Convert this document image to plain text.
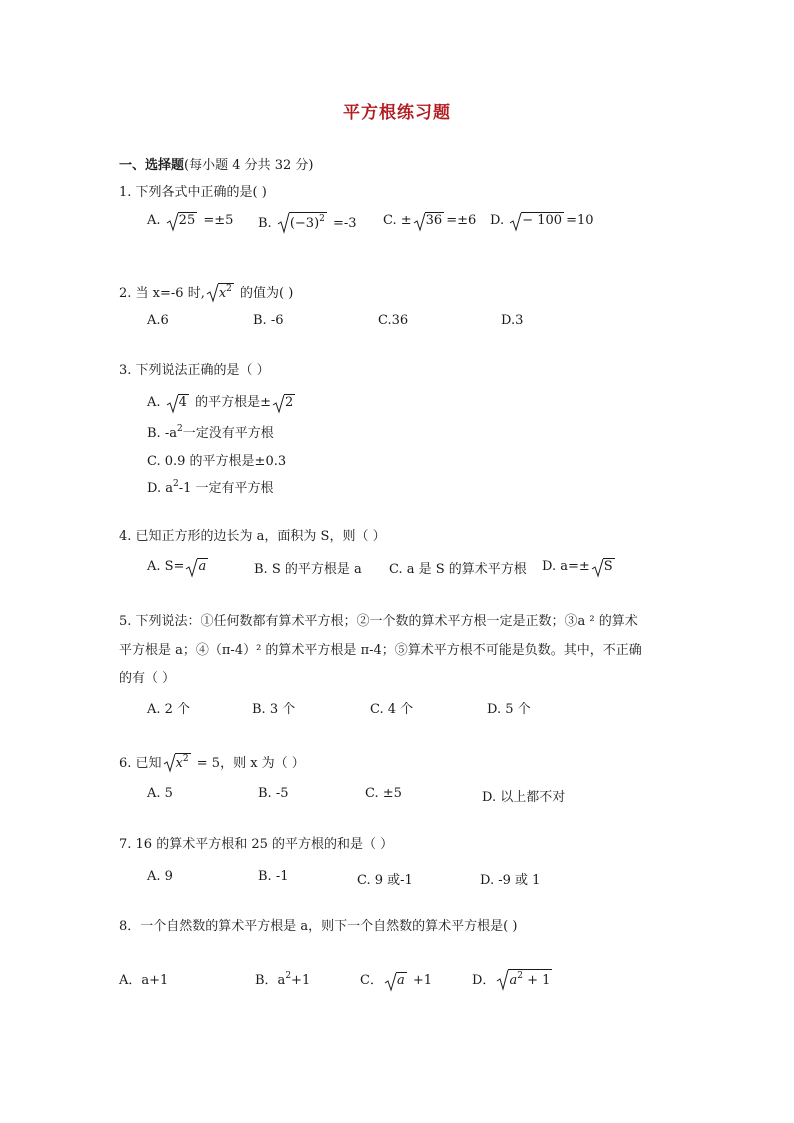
平方根练习题
一、选择题(每小题 4 分共 32 分)
1. 下列各式中正确的是( )
A. 25 =±5 B. $(-3)^2 =-3$ C. ± 36 =±6 D. − 100 =10
2. 当 x=-6 时, $x^2$ 的值为( )
A.6	B. -6	C.36	D.3
3. 下列说法正确的是（ ）
A. 4 的平方根是± 2
B. $-a^2$一定没有平方根
C. 0.9 的平方根是±0.3
D. $a^2-1$ 一定有平方根
4. 已知正方形的边长为 a，面积为 S，则（ ）
A. S= a	B. S 的平方根是 a C. a 是 S 的算术平方根 D. a=± S
5. 下列说法：①任何数都有算术平方根；②一个数的算术平方根一定是正数；③a ² 的算术
平方根是 a；④（π-4）² 的算术平方根是 π-4；⑤算术平方根不可能是负数。其中，不正确
的有（ ）
A. 2 个	B. 3 个	C. 4 个	D. 5 个
6. 已知 $x^2 = 5$，则 x 为（ ）
A. 5	B. -5	C. ±5	D. 以上都不对
7. 16 的算术平方根和 25 的平方根的和是（ ）
A. 9	B. -1	C. 9 或-1	D. -9 或 1
8．一个自然数的算术平方根是 a，则下一个自然数的算术平方根是( )
A．a+1	B．$a^2+1$	C． a +1	D． $a^2 + 1$
